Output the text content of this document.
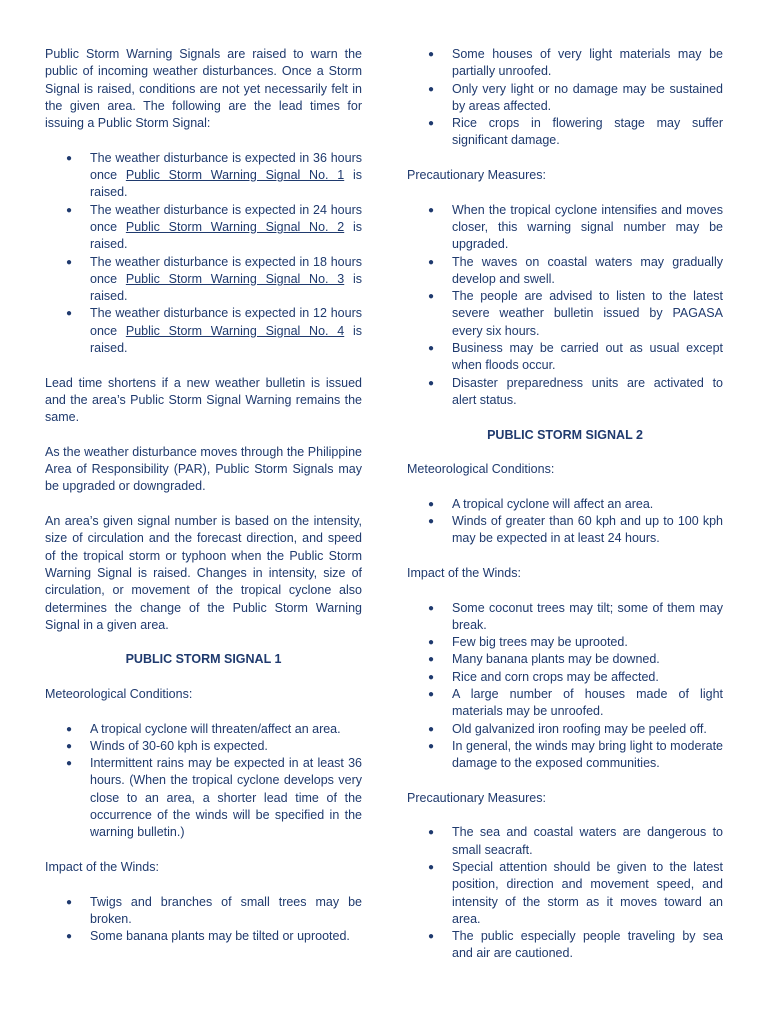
Public Storm Warning Signals are raised to warn the public of incoming weather disturbances. Once a Storm Signal is raised, conditions are not yet necessarily felt in the given area. The following are the lead times for issuing a Public Storm Signal:

● The weather disturbance is expected in 36 hours once Public Storm Warning Signal No. 1 is raised.
● The weather disturbance is expected in 24 hours once Public Storm Warning Signal No. 2 is raised.
● The weather disturbance is expected in 18 hours once Public Storm Warning Signal No. 3 is raised.
● The weather disturbance is expected in 12 hours once Public Storm Warning Signal No. 4 is raised.

Lead time shortens if a new weather bulletin is issued and the area’s Public Storm Signal Warning remains the same.

As the weather disturbance moves through the Philippine Area of Responsibility (PAR), Public Storm Signals may be upgraded or downgraded.

An area’s given signal number is based on the intensity, size of circulation and the forecast direction, and speed of the tropical storm or typhoon when the Public Storm Warning Signal is raised. Changes in intensity, size of circulation, or movement of the tropical cyclone also determines the change of the Public Storm Warning Signal in a given area.

PUBLIC STORM SIGNAL 1

Meteorological Conditions:

● A tropical cyclone will threaten/affect an area.
● Winds of 30-60 kph is expected.
● Intermittent rains may be expected in at least 36 hours. (When the tropical cyclone develops very close to an area, a shorter lead time of the occurrence of the winds will be specified in the warning bulletin.)

Impact of the Winds:

● Twigs and branches of small trees may be broken.
● Some banana plants may be tilted or uprooted.
● Some houses of very light materials may be partially unroofed.
● Only very light or no damage may be sustained by areas affected.
● Rice crops in flowering stage may suffer significant damage.

Precautionary Measures:

● When the tropical cyclone intensifies and moves closer, this warning signal number may be upgraded.
● The waves on coastal waters may gradually develop and swell.
● The people are advised to listen to the latest severe weather bulletin issued by PAGASA every six hours.
● Business may be carried out as usual except when floods occur.
● Disaster preparedness units are activated to alert status.

PUBLIC STORM SIGNAL 2

Meteorological Conditions:

● A tropical cyclone will affect an area.
● Winds of greater than 60 kph and up to 100 kph may be expected in at least 24 hours.

Impact of the Winds:

● Some coconut trees may tilt; some of them may break.
● Few big trees may be uprooted.
● Many banana plants may be downed.
● Rice and corn crops may be affected.
● A large number of houses made of light materials may be unroofed.
● Old galvanized iron roofing may be peeled off.
● In general, the winds may bring light to moderate damage to the exposed communities.

Precautionary Measures:

● The sea and coastal waters are dangerous to small seacraft.
● Special attention should be given to the latest position, direction and movement speed, and intensity of the storm as it moves toward an area.
● The public especially people traveling by sea and air are cautioned.
